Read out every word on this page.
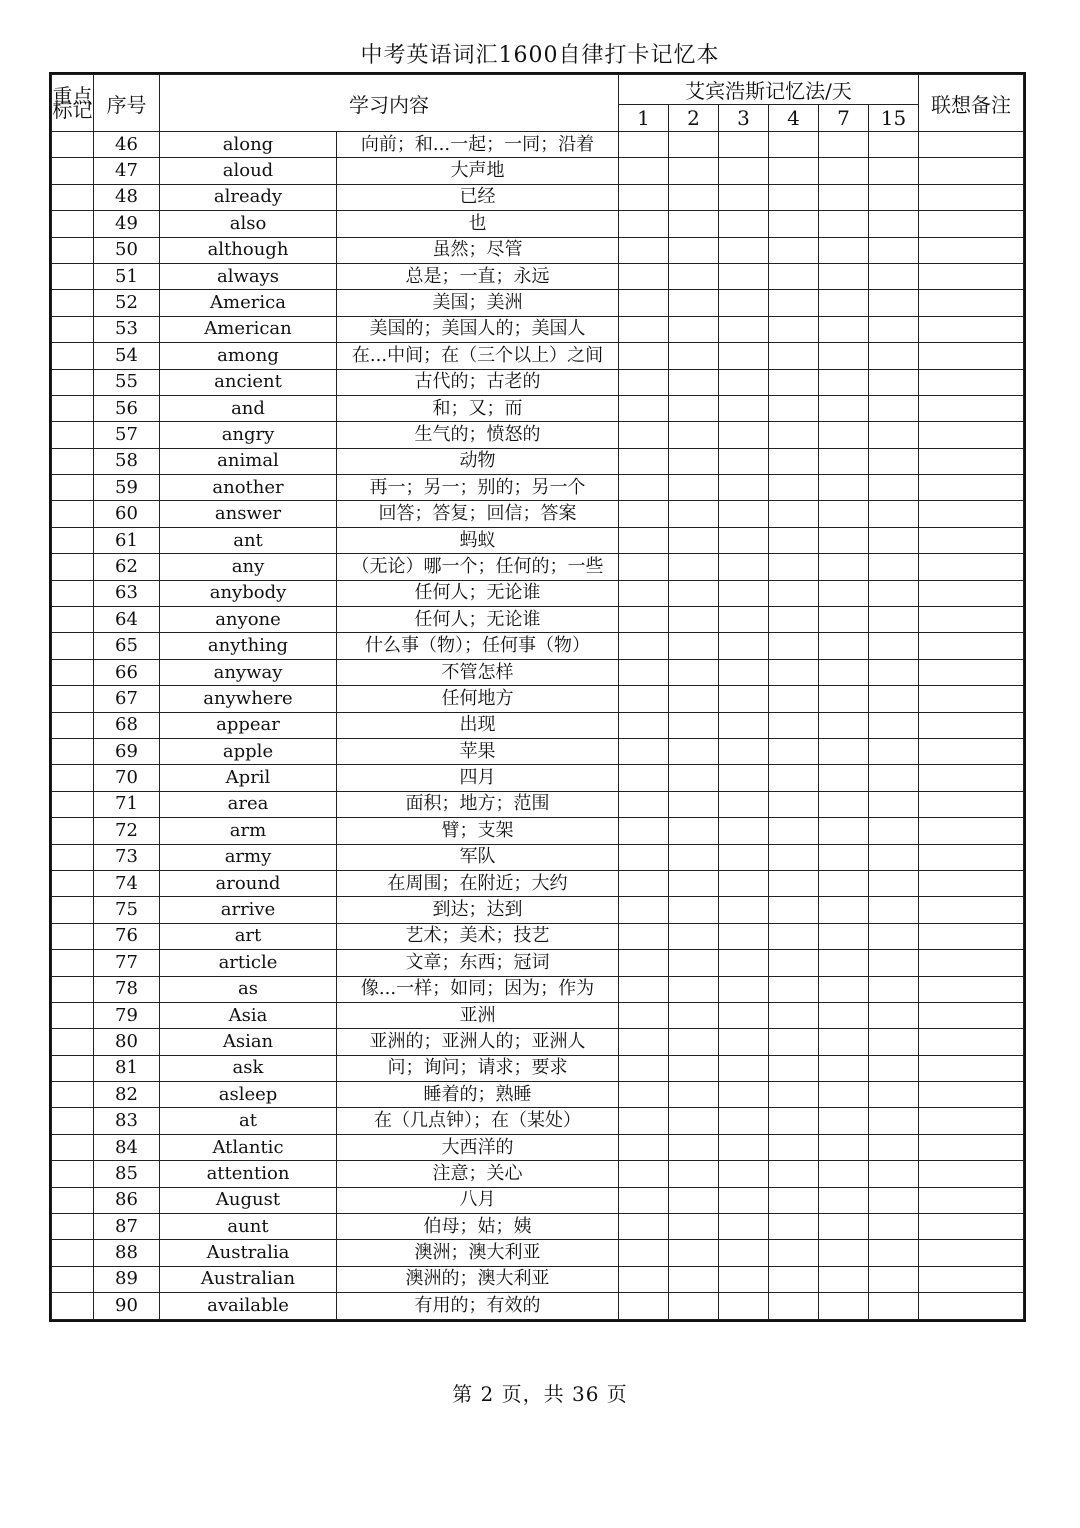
中考英语词汇1600自律打卡记忆本
重点标记	序号	学习内容		艾宾浩斯记忆法/天						联想备注
				1	2	3	4	7	15	
	46	along	向前；和...一起；一同；沿着							
	47	aloud	大声地							
	48	already	已经							
	49	also	也							
	50	although	虽然；尽管							
	51	always	总是；一直；永远							
	52	America	美国；美洲							
	53	American	美国的；美国人的；美国人							
	54	among	在...中间；在（三个以上）之间							
	55	ancient	古代的；古老的							
	56	and	和；又；而							
	57	angry	生气的；愤怒的							
	58	animal	动物							
	59	another	再一；另一；别的；另一个							
	60	answer	回答；答复；回信；答案							
	61	ant	蚂蚁							
	62	any	（无论）哪一个；任何的；一些							
	63	anybody	任何人；无论谁							
	64	anyone	任何人；无论谁							
	65	anything	什么事（物）；任何事（物）							
	66	anyway	不管怎样							
	67	anywhere	任何地方							
	68	appear	出现							
	69	apple	苹果							
	70	April	四月							
	71	area	面积；地方；范围							
	72	arm	臂；支架							
	73	army	军队							
	74	around	在周围；在附近；大约							
	75	arrive	到达；达到							
	76	art	艺术；美术；技艺							
	77	article	文章；东西；冠词							
	78	as	像...一样；如同；因为；作为							
	79	Asia	亚洲							
	80	Asian	亚洲的；亚洲人的；亚洲人							
	81	ask	问；询问；请求；要求							
	82	asleep	睡着的；熟睡							
	83	at	在（几点钟）；在（某处）							
	84	Atlantic	大西洋的							
	85	attention	注意；关心							
	86	August	八月							
	87	aunt	伯母；姑；姨							
	88	Australia	澳洲；澳大利亚							
	89	Australian	澳洲的；澳大利亚							
	90	available	有用的；有效的							
第 2 页，共 36 页
